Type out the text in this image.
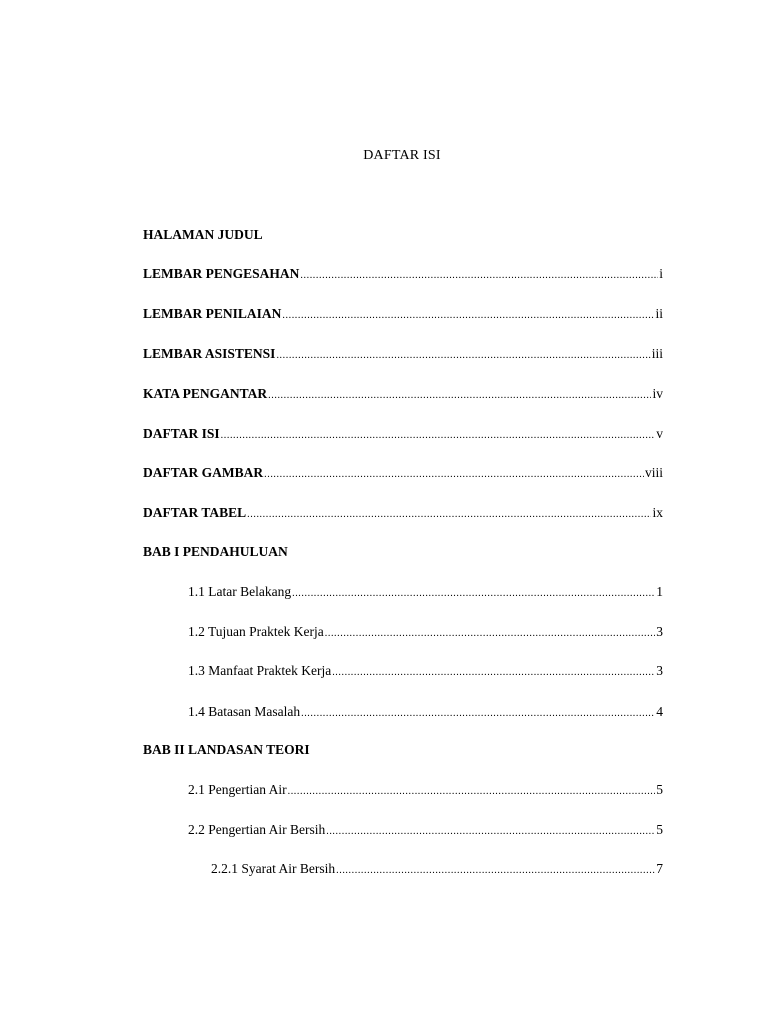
DAFTAR ISI
HALAMAN JUDUL
LEMBAR PENGESAHAN .....	i
LEMBAR PENILAIAN .....	ii
LEMBAR ASISTENSI .....	iii
KATA PENGANTAR .....	iv
DAFTAR ISI .....	v
DAFTAR GAMBAR .....	viii
DAFTAR TABEL .....	ix
BAB I PENDAHULUAN
1.1 Latar Belakang .....	1
1.2 Tujuan Praktek Kerja .....	3
1.3 Manfaat Praktek Kerja .....	3
1.4 Batasan Masalah .....	4
BAB II LANDASAN TEORI
2.1 Pengertian Air .....	5
2.2 Pengertian Air Bersih .....	5
2.2.1 Syarat Air Bersih .....	7
